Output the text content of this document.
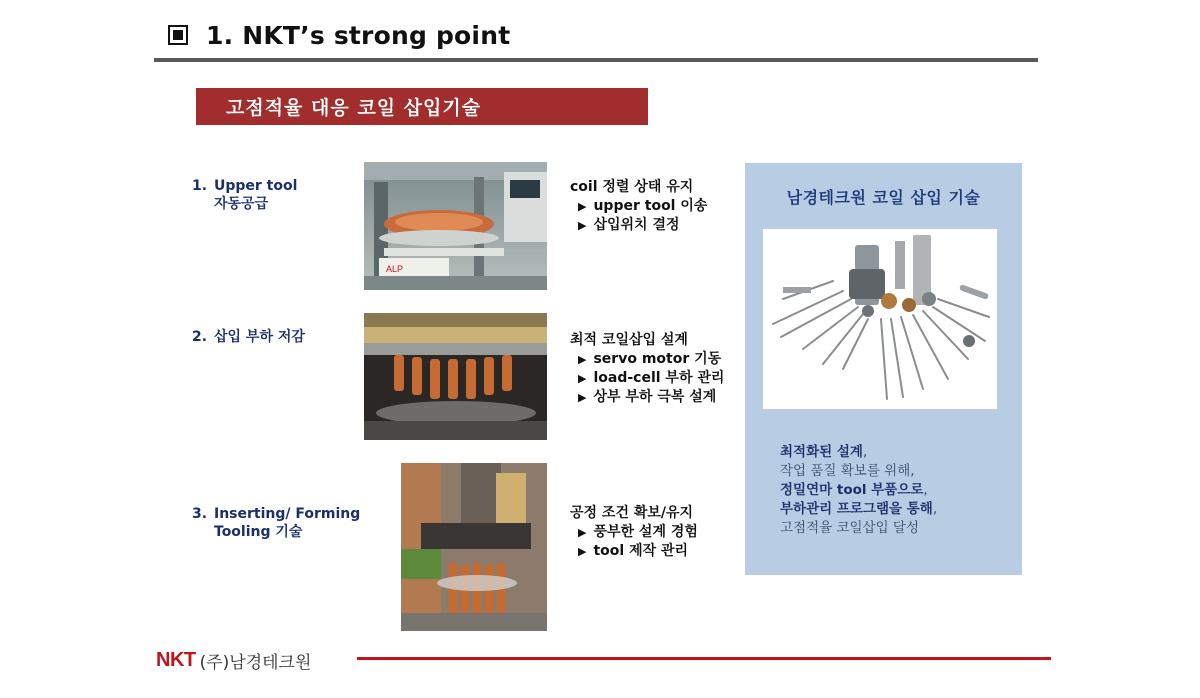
1. NKT’s strong point
고점적율 대응 코일 삽입기술
1. Upper tool
자동공급
ALP
coil 정렬 상태 유지
▶ upper tool 이송
▶ 삽입위치 결정
2. 삽입 부하 저감	최적 코일삽입 설계
▶ servo motor 기동
▶ load-cell 부하 관리
▶ 상부 부하 극복 설계
3. Inserting/ Forming
Tooling 기술
공정 조건 확보/유지
▶ 풍부한 설계 경험
▶ tool 제작 관리
남경테크원 코일 삽입 기술
최적화된 설계,
작업 품질 확보를 위해,
정밀연마 tool 부품으로,
부하관리 프로그램을 통해,
고점적율 코일삽입 달성
NKT (주)남경테크원
